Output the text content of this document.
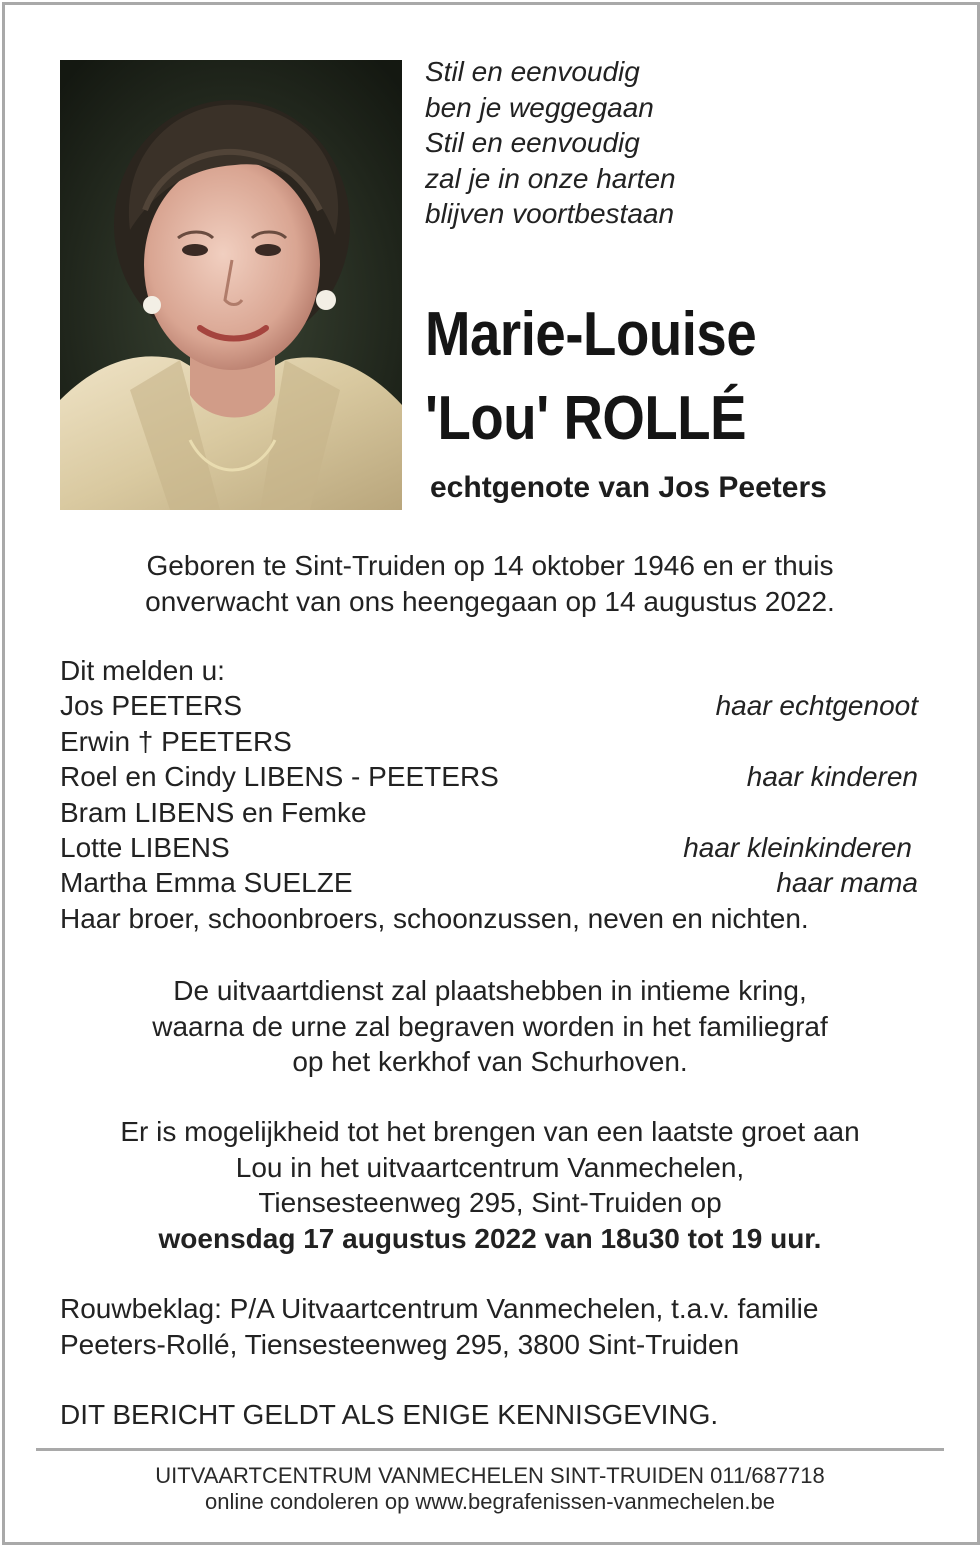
Stil en eenvoudig
ben je weggegaan
Stil en eenvoudig
zal je in onze harten
blijven voortbestaan
Marie-Louise
'Lou' ROLLÉ
echtgenote van Jos Peeters
Geboren te Sint-Truiden op 14 oktober 1946 en er thuis
onverwacht van ons heengegaan op 14 augustus 2022.
Dit melden u:
Jos PEETERS	haar echtgenoot
Erwin † PEETERS
Roel en Cindy LIBENS - PEETERS	haar kinderen
Bram LIBENS en Femke
Lotte LIBENS	haar kleinkinderen
Martha Emma SUELZE	haar mama
Haar broer, schoonbroers, schoonzussen, neven en nichten.
De uitvaartdienst zal plaatshebben in intieme kring,
waarna de urne zal begraven worden in het familiegraf
op het kerkhof van Schurhoven.
Er is mogelijkheid tot het brengen van een laatste groet aan
Lou in het uitvaartcentrum Vanmechelen,
Tiensesteenweg 295, Sint-Truiden op
woensdag 17 augustus 2022 van 18u30 tot 19 uur.
Rouwbeklag: P/A Uitvaartcentrum Vanmechelen, t.a.v. familie
Peeters-Rollé, Tiensesteenweg 295, 3800 Sint-Truiden
DIT BERICHT GELDT ALS ENIGE KENNISGEVING.
UITVAARTCENTRUM VANMECHELEN SINT-TRUIDEN 011/687718
online condoleren op www.begrafenissen-vanmechelen.be
